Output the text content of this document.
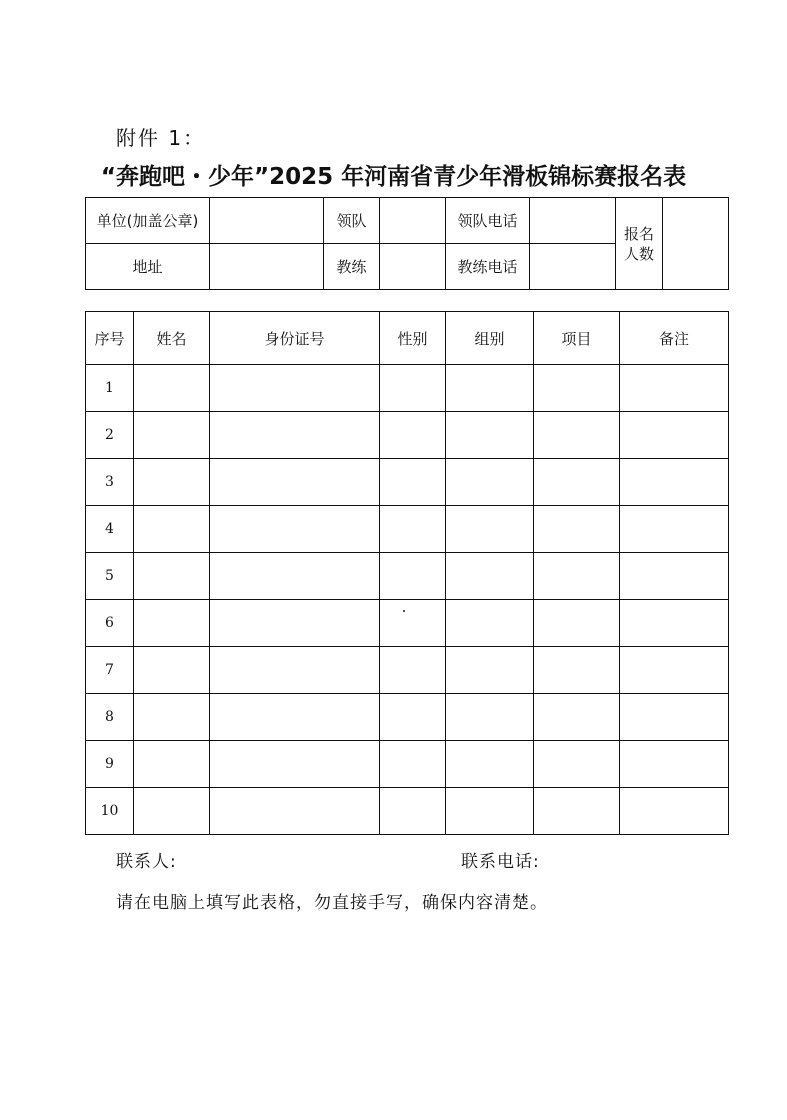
附件 1：
“奔跑吧・少年”2025 年河南省青少年滑板锦标赛报名表
单位(加盖公章)		领队		领队电话		报名
人数	
地址		教练		教练电话			
序号	姓名	身份证号	性别	组别	项目	备注
1						
2						
3						
4						
5						
6						
7						
8						
9						
10						
联系人:	联系电话:
请在电脑上填写此表格，勿直接手写，确保内容清楚。
